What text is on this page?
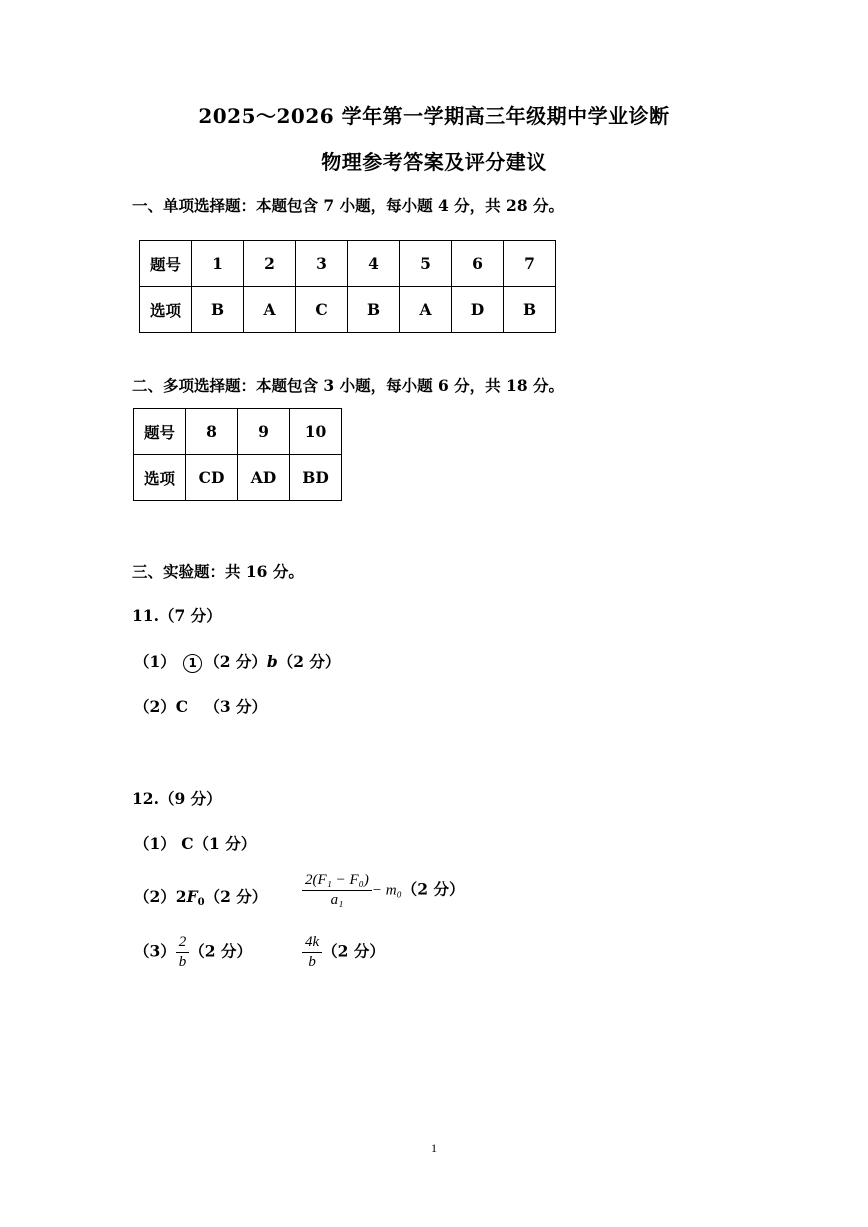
2025～2026 学年第一学期高三年级期中学业诊断
物理参考答案及评分建议
一、单项选择题：本题包含 7 小题，每小题 4 分，共 28 分。
题号	1	2	3	4	5	6	7
选项	B	A	C	B	A	D	B
二、多项选择题：本题包含 3 小题，每小题 6 分，共 18 分。
题号	8	9	10
选项	CD	AD	BD
三、实验题：共 16 分。
11.（7 分）
（1） 1 （2 分）b（2 分）
（2）C （3 分）
12.（9 分）
（1） C（1 分）
$(2)2F_0(2$ 分） $\frac{\text{2(F₁ − F₀)}}{\text{a₁}} - m_0(2$ 分）
$(3) \frac{2}{b} (2$ 分）	$\frac{4k}{b} (2$ 分）
1
